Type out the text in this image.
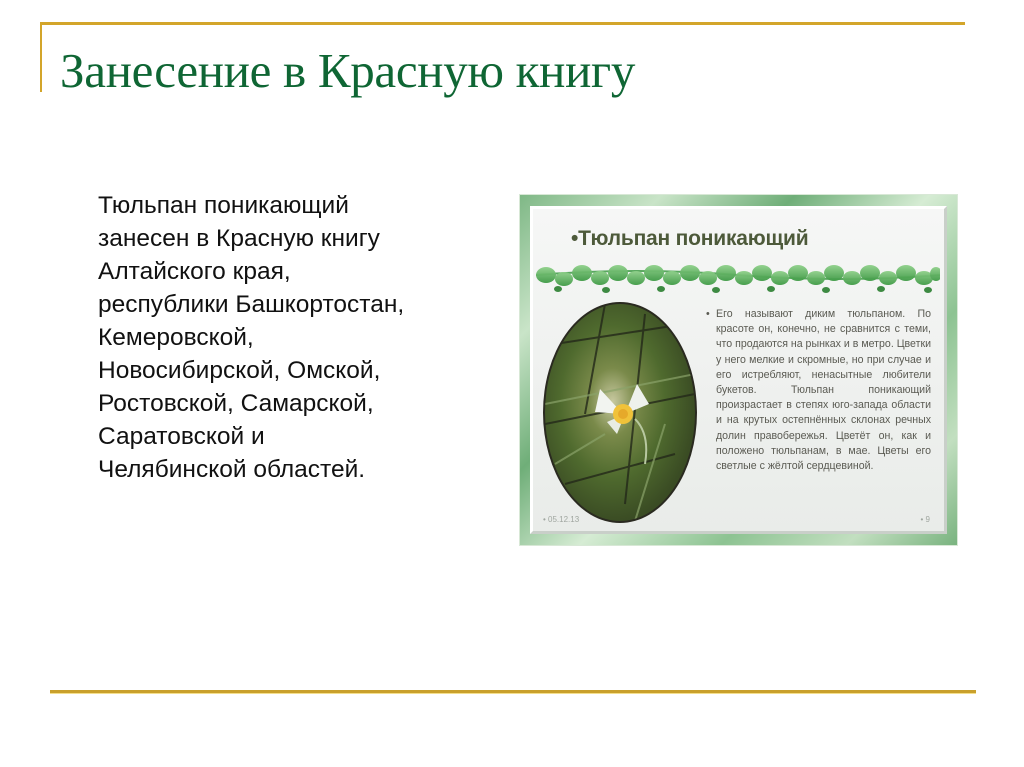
Занесение в Красную книгу

Тюльпан поникающий
занесен в Красную книгу
Алтайского края,
республики Башкортостан,
Кемеровской,
Новосибирской, Омской,
Ростовской, Самарской,
Саратовской и
Челябинской областей.

•Тюльпан поникающий
• Его называют диким тюльпаном. По красоте он, конечно, не сравнится с теми, что продаются на рынках и в метро. Цветки у него мелкие и скромные, но при случае и его истребляют, ненасытные любители букетов. Тюльпан поникающий произрастает в степях юго-запада области и на крутых остепнённых склонах речных долин правобережья. Цветёт он, как и положено тюльпанам, в мае. Цветы его светлые с жёлтой сердцевиной.
• 05.12.13	• 9
